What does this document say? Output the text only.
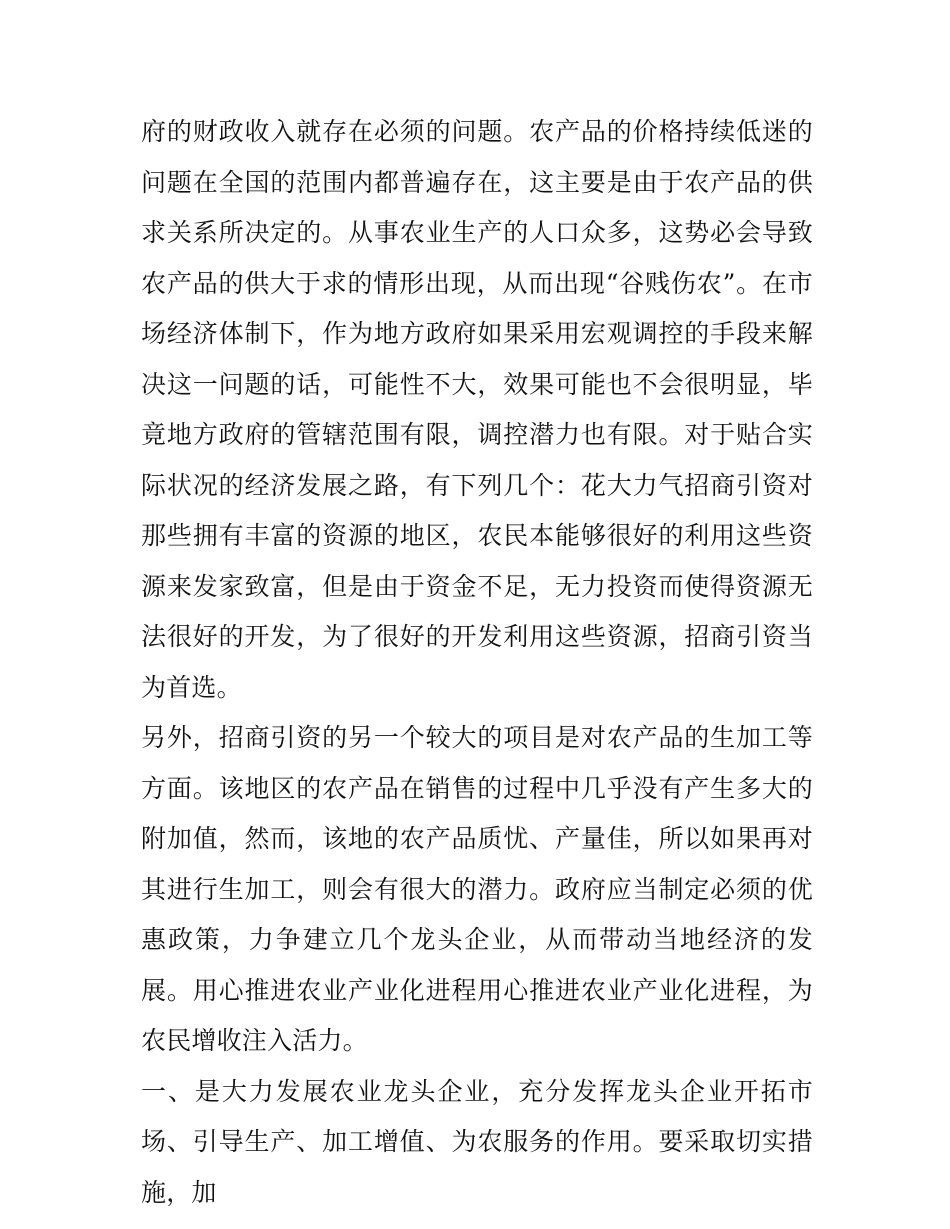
府的财政收入就存在必须的问题。农产品的价格持续低迷的问题在全国的范围内都普遍存在，这主要是由于农产品的供求关系所决定的。从事农业生产的人口众多，这势必会导致农产品的供大于求的情形出现，从而出现“谷贱伤农”。在市场经济体制下，作为地方政府如果采用宏观调控的手段来解决这一问题的话，可能性不大，效果可能也不会很明显，毕竟地方政府的管辖范围有限，调控潜力也有限。对于贴合实际状况的经济发展之路，有下列几个：花大力气招商引资对那些拥有丰富的资源的地区，农民本能够很好的利用这些资源来发家致富，但是由于资金不足，无力投资而使得资源无法很好的开发，为了很好的开发利用这些资源，招商引资当为首选。

另外，招商引资的另一个较大的项目是对农产品的生加工等方面。该地区的农产品在销售的过程中几乎没有产生多大的附加值，然而，该地的农产品质忧、产量佳，所以如果再对其进行生加工，则会有很大的潜力。政府应当制定必须的优惠政策，力争建立几个龙头企业，从而带动当地经济的发展。用心推进农业产业化进程用心推进农业产业化进程，为农民增收注入活力。

一、是大力发展农业龙头企业，充分发挥龙头企业开拓市场、引导生产、加工增值、为农服务的作用。要采取切实措施，加
